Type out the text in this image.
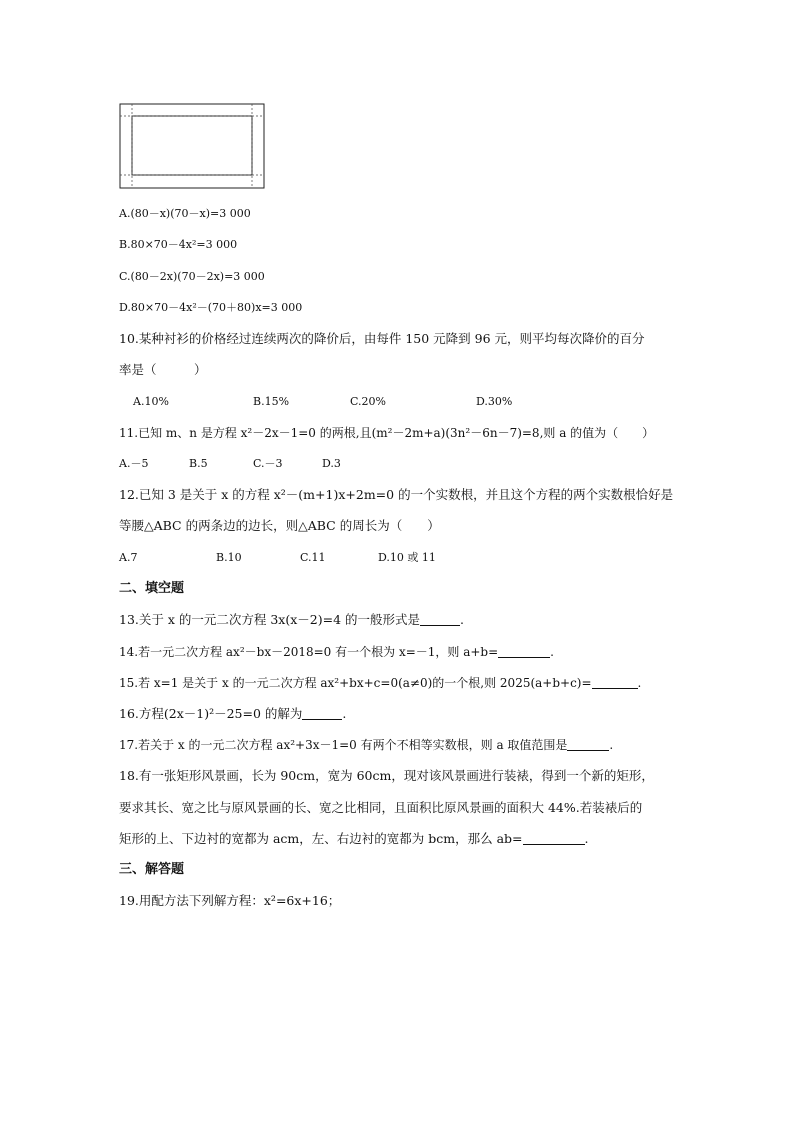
A.(80－x)(70－x)=3 000
B.80×70－4x²=3 000
C.(80－2x)(70－2x)=3 000
D.80×70－4x²－(70＋80)x=3 000
10.某种衬衫的价格经过连续两次的降价后，由每件 150 元降到 96 元，则平均每次降价的百分
率是（　　　）
A.10%	B.15%	C.20%	D.30%
11.已知 m、n 是方程 x²－2x－1=0 的两根,且(m²－2m+a)(3n²－6n－7)=8,则 a 的值为（　　）
A.－5	B.5	C.－3	D.3
12.已知 3 是关于 x 的方程 x²－(m+1)x+2m=0 的一个实数根，并且这个方程的两个实数根恰好是
等腰△ABC 的两条边的边长，则△ABC 的周长为（　　）
A.7	B.10	C.11	D.10 或 11
二、填空题
13.关于 x 的一元二次方程 3x(x－2)=4 的一般形式是	.
14.若一元二次方程 ax²－bx－2018=0 有一个根为 x=－1，则 a+b=	.
15.若 x=1 是关于 x 的一元二次方程 ax²+bx+c=0(a≠0)的一个根,则 2025(a+b+c)=	.
16.方程(2x－1)²－25=0 的解为	.
17.若关于 x 的一元二次方程 ax²+3x－1=0 有两个不相等实数根，则 a 取值范围是	.
18.有一张矩形风景画，长为 90cm，宽为 60cm，现对该风景画进行装裱，得到一个新的矩形，
要求其长、宽之比与原风景画的长、宽之比相同，且面积比原风景画的面积大 44%.若装裱后的
矩形的上、下边衬的宽都为 acm，左、右边衬的宽都为 bcm，那么 ab=	.
三、解答题
19.用配方法下列解方程：x²=6x+16；
